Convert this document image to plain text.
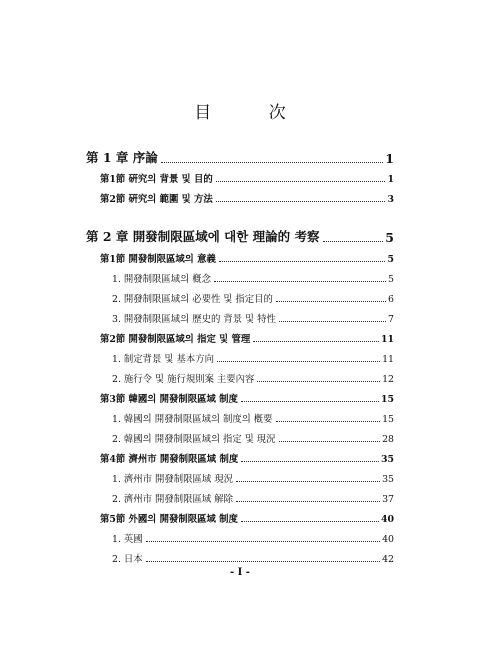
目 次
第 1 章 序論	1
第1節 硏究의 背景 및 目的	1
第2節 硏究의 範圍 및 方法	3
第 2 章 開發制限區域에 대한 理論的 考察	5
第1節 開發制限區域의 意義	5
1. 開發制限區域의 槪念	5
2. 開發制限區域의 必要性 및 指定目的	6
3. 開發制限區域의 歷史的 背景 및 特性	7
第2節 開發制限區域의 指定 및 管理	11
1. 制定背景 및 基本方向	11
2. 施行令 및 施行規則案 主要內容	12
第3節 韓國의 開發制限區域 制度	15
1. 韓國의 開發制限區域의 制度의 槪要	15
2. 韓國의 開發制限區域의 指定 및 現況	28
第4節 濟州市 開發制限區域 制度	35
1. 濟州市 開發制限區域 現況	35
2. 濟州市 開發制限區域 解除	37
第5節 外國의 開發制限區域 制度	40
1. 英國	40
2. 日本	42
- I -
